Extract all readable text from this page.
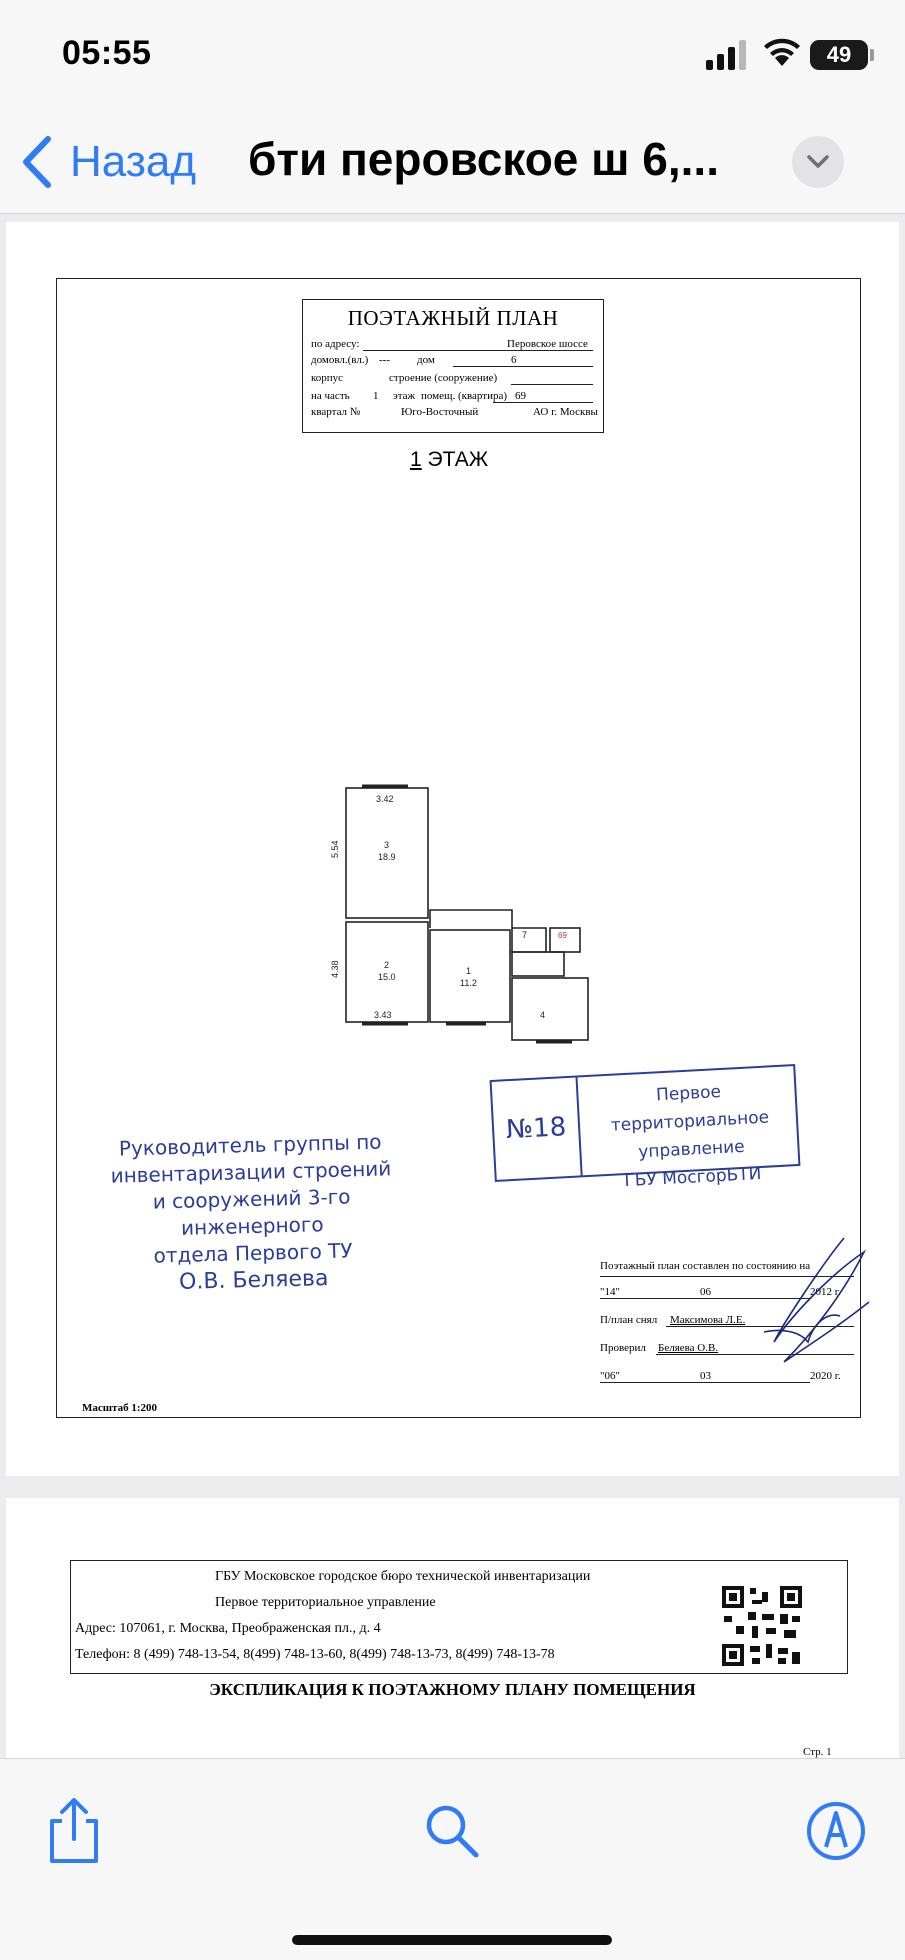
05:55	49
Назад бти перовское ш 6,...
ПОЭТАЖНЫЙ ПЛАН
по адресу:	Перовское шоссе
домовл.(вл.) --- дом	6
корпус	строение (сооружение)
на часть 1 этаж помещ. (квартира) 69
квартал №	Юго-Восточный	АО г. Москвы
1 ЭТАЖ
3.42
5.54
4.38
3.43
3
18.9
2
15.0
1
11.2
7
4
69
Руководитель группы по
инвентаризации строений
и сооружений 3-го инженерного
отдела Первого ТУ
О.В. Беляева
№18
Первое территориальное
управление
ГБУ МосгорБТИ
Поэтажный план составлен по состоянию на
"14"	06	2012 г.
П/план снял Максимова Л.Е.
Проверил Беляева О.В.
"06"	03	2020 г.
Масштаб 1:200
ГБУ Московское городское бюро технической инвентаризации
Первое территориальное управление
Адрес: 107061, г. Москва, Преображенская пл., д. 4
Телефон: 8 (499) 748-13-54, 8(499) 748-13-60, 8(499) 748-13-73, 8(499) 748-13-78
ЭКСПЛИКАЦИЯ К ПОЭТАЖНОМУ ПЛАНУ ПОМЕЩЕНИЯ
Стр. 1
